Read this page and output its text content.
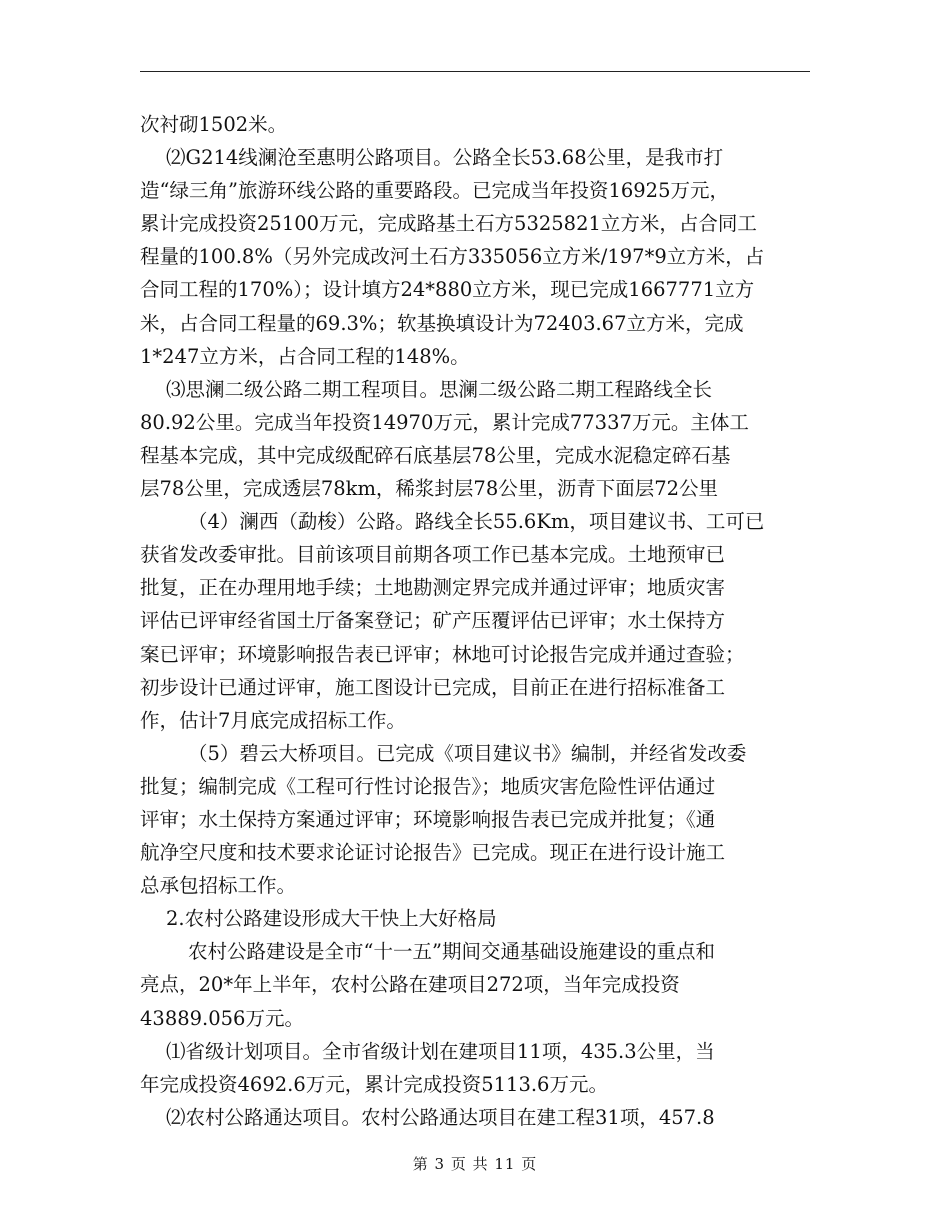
次衬砌1502米。
⑵G214线澜沧至惠明公路项目。公路全长53.68公里，是我市打
造“绿三角”旅游环线公路的重要路段。已完成当年投资16925万元，
累计完成投资25100万元，完成路基土石方5325821立方米，占合同工
程量的100.8%（另外完成改河土石方335056立方米/197*9立方米，占
合同工程的170%）；设计填方24*880立方米，现已完成1667771立方
米，占合同工程量的69.3%；软基换填设计为72403.67立方米，完成
1*247立方米，占合同工程的148%。
⑶思澜二级公路二期工程项目。思澜二级公路二期工程路线全长
80.92公里。完成当年投资14970万元，累计完成77337万元。主体工
程基本完成，其中完成级配碎石底基层78公里，完成水泥稳定碎石基
层78公里，完成透层78km，稀浆封层78公里，沥青下面层72公里
（4）澜西（勐梭）公路。路线全长55.6Km，项目建议书、工可已
获省发改委审批。目前该项目前期各项工作已基本完成。土地预审已
批复，正在办理用地手续；土地勘测定界完成并通过评审；地质灾害
评估已评审经省国土厅备案登记；矿产压覆评估已评审；水土保持方
案已评审；环境影响报告表已评审；林地可讨论报告完成并通过查验；
初步设计已通过评审，施工图设计已完成，目前正在进行招标准备工
作，估计7月底完成招标工作。
（5）碧云大桥项目。已完成《项目建议书》编制，并经省发改委
批复；编制完成《工程可行性讨论报告》；地质灾害危险性评估通过
评审；水土保持方案通过评审；环境影响报告表已完成并批复；《通
航净空尺度和技术要求论证讨论报告》已完成。现正在进行设计施工
总承包招标工作。
2.农村公路建设形成大干快上大好格局
农村公路建设是全市“十一五”期间交通基础设施建设的重点和
亮点，20*年上半年，农村公路在建项目272项，当年完成投资
43889.056万元。
⑴省级计划项目。全市省级计划在建项目11项，435.3公里，当
年完成投资4692.6万元，累计完成投资5113.6万元。
⑵农村公路通达项目。农村公路通达项目在建工程31项，457.8
第 3 页 共 11 页
